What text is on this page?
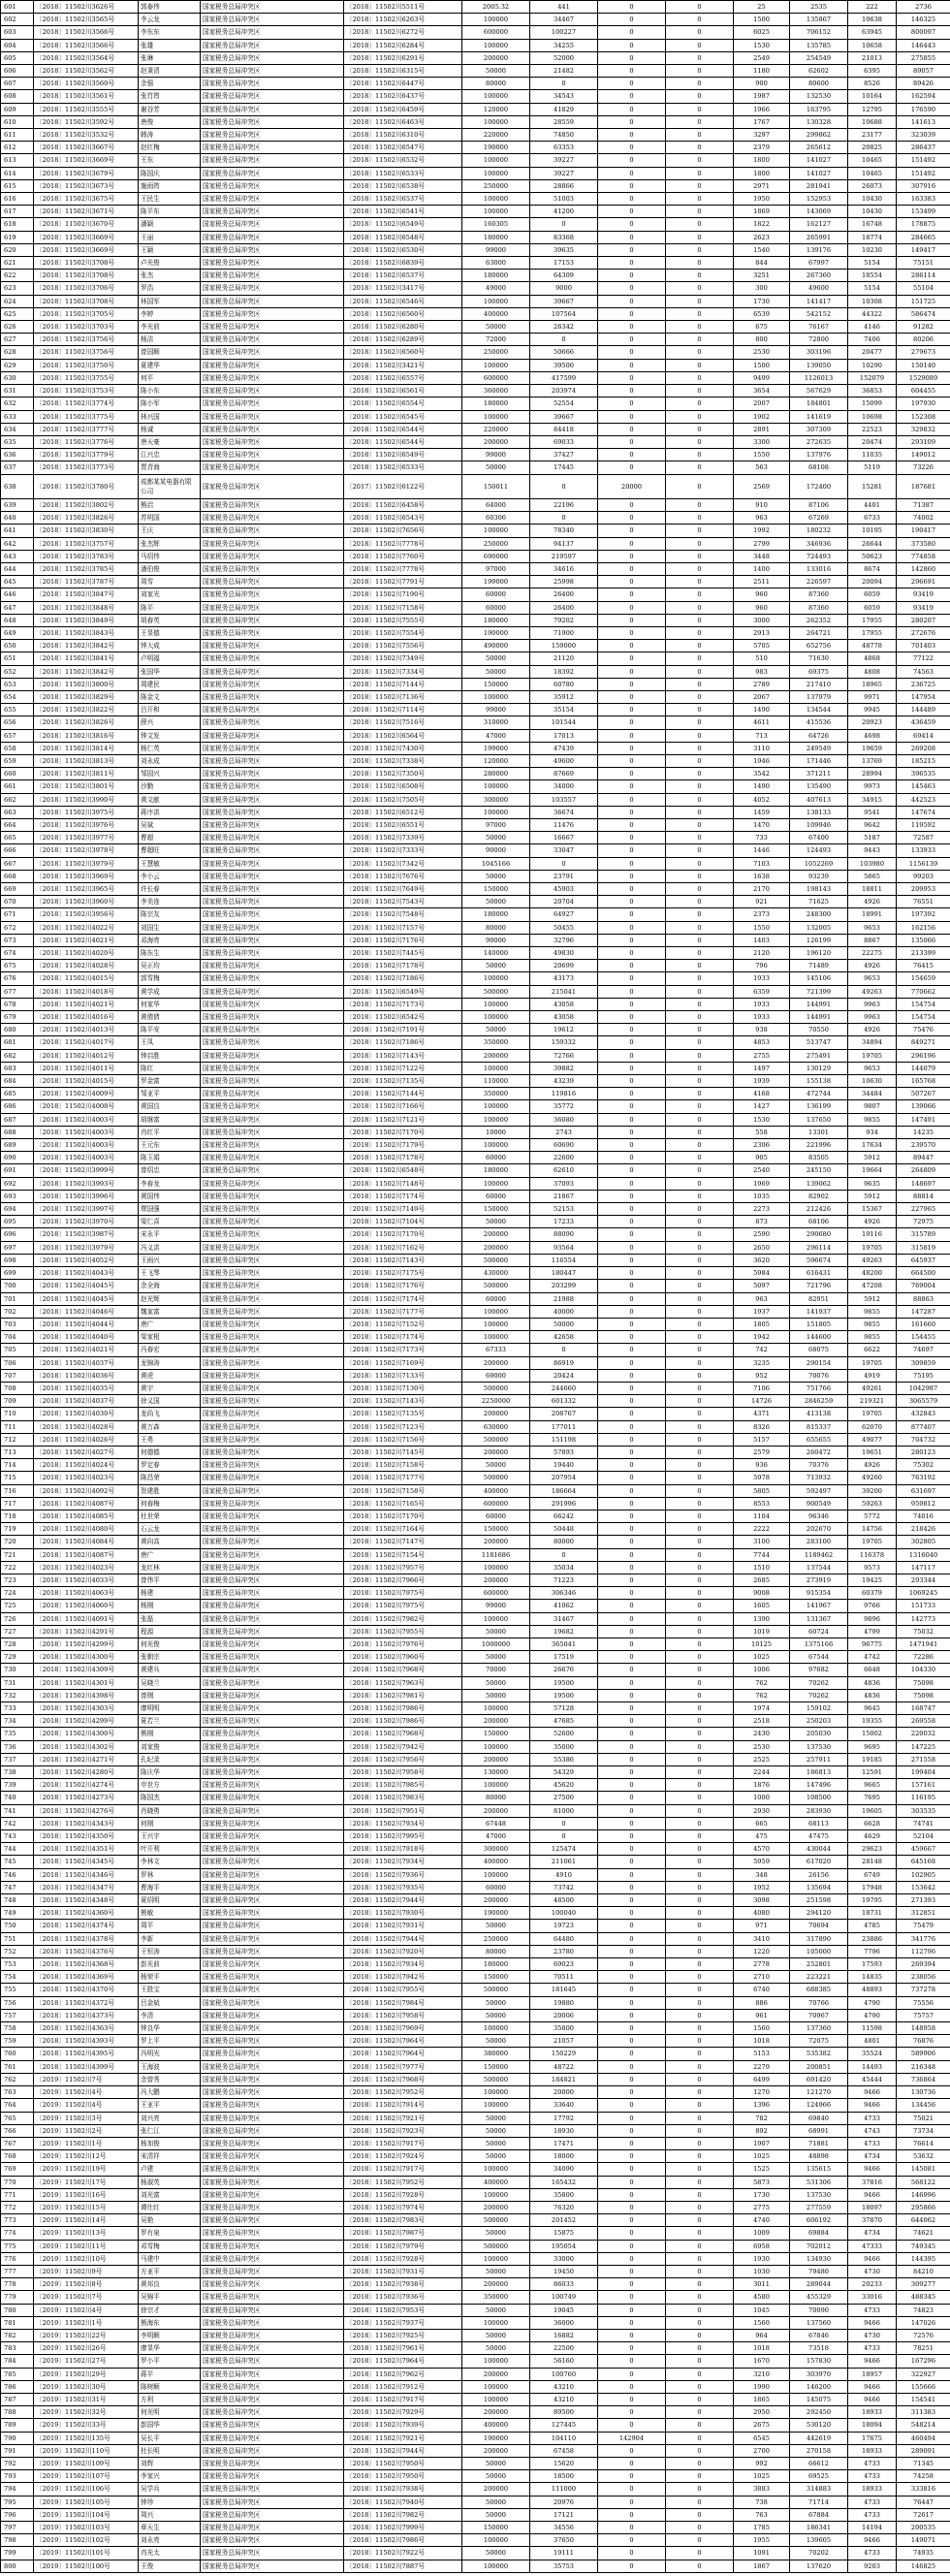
601	〔2018〕11502川3626号	郭泰伟	国家税务总局冲突区	〔2018〕11502川5511号	2005.32	441	0	0	25	2535	222	2736
602	〔2018〕11502川3565号	李云龙	国家税务总局冲突区	〔2018〕11502川6263号	100000	34467	0	0	1500	135867	10638	146325
603	〔2018〕11502川3566号	李东东	国家税务总局冲突区	〔2018〕11502川6272号	600000	100227	0	0	6025	706152	63945	800097
604	〔2018〕11502川3566号	张雄	国家税务总局冲突区	〔2018〕11502川6284号	100000	34255	0	0	1530	135785	10658	146443
605	〔2018〕11502川3564号	张琳	国家税务总局冲突区	〔2018〕11502川6291号	200000	52000	0	0	2549	254549	21013	275855
606	〔2018〕11502川3562号	赵秉清	国家税务总局冲突区	〔2018〕11502川6315号	50000	21482	0	0	1180	62602	6395	89057
607	〔2018〕11502川3560号	余强	国家税务总局冲突区	〔2018〕11502川6447号	80000	0	0	0	900	80600	8526	89426
608	〔2018〕11502川3561号	张竹筠	国家税务总局冲突区	〔2018〕11502川6437号	100000	34543	0	0	1987	132530	10164	162594
609	〔2018〕11502川3555号	谢谷芳	国家税务总局冲突区	〔2018〕11502川6459号	120000	41829	0	0	1966	163795	12795	176590
610	〔2018〕11502川3592号	唐俊	国家税务总局冲突区	〔2018〕11502川6463号	100000	28559	0	0	1767	130328	10688	141613
611	〔2018〕11502川3532号	韩涛	国家税务总局冲突区	〔2018〕11502川6310号	220000	74850	0	0	3297	299862	23177	323039
612	〔2018〕11502川3667号	赵红梅	国家税务总局冲突区	〔2018〕11502川6547号	190000	63353	0	0	2379	265612	20825	286437
613	〔2018〕11502川3669号	王东	国家税务总局冲突区	〔2018〕11502川6532号	100000	39227	0	0	1800	141027	10465	151492
614	〔2018〕11502川3679号	陈国庆	国家税务总局冲突区	〔2018〕11502川6533号	100000	39227	0	0	1800	141027	10465	151492
615	〔2018〕11502川3673号	施雨筠	国家税务总局冲突区	〔2018〕11502川6538号	250000	28866	0	0	2971	281941	26073	307916
616	〔2018〕11502川3675号	王民生	国家税务总局冲突区	〔2018〕11502川6537号	100000	51003	0	0	1950	152953	10430	163383
617	〔2018〕11502川3671号	陈平东	国家税务总局冲突区	〔2018〕11502川6541号	100000	41200	0	0	1869	143069	10430	153499
618	〔2018〕11502川3670号	潘颖	国家税务总局冲突区	〔2018〕11502川6549号	160305	0	0	0	1822	162127	16748	178875
619	〔2018〕11502川3669号	王丽	国家税务总局冲突区	〔2018〕11502川6548号	180000	83368	0	0	2623	265991	18774	284665
620	〔2018〕11502川3669号	王颖	国家税务总局冲突区	〔2018〕11502川6530号	99000	39635	0	0	1540	139176	10230	149417
621	〔2018〕11502川3708号	卢光俊	国家税务总局冲突区	〔2018〕11502川6839号	63000	17153	0	0	844	67997	5154	75151
622	〔2018〕11502川3708号	张杰	国家税务总局冲突区	〔2018〕11502川6537号	180000	64309	0	0	3251	267360	18554	286114
623	〔2018〕11502川3706号	罗浩	国家税务总局冲突区	〔2018〕11502川3417号	49000	9000	0	0	300	49600	5154	55104
624	〔2018〕11502川3708号	林国军	国家税务总局冲突区	〔2018〕11502川6546号	100000	39667	0	0	1730	141417	10308	151725
625	〔2018〕11502川3705号	李婷	国家税务总局冲突区	〔2018〕11502川6560号	400000	107564	0	0	6539	542152	44322	586474
626	〔2018〕11502川3703号	李光前	国家税务总局冲突区	〔2018〕11502川6280号	50000	26342	0	0	675	76167	4146	91282
627	〔2018〕11502川3756号	杨洁	国家税务总局冲突区	〔2018〕11502川6289号	72000	0	0	0	800	72800	7406	80206
628	〔2018〕11502川3756号	曾国顺	国家税务总局冲突区	〔2018〕11502川6560号	250000	50666	0	0	2530	303196	20477	279673
629	〔2018〕11502川3750号	夏建华	国家税务总局冲突区	〔2018〕11502川3421号	100000	39500	0	0	1500	139050	10290	150140
630	〔2018〕11502川3755号	何平	国家税务总局冲突区	〔2018〕11502川6557号	600000	417599	0	0	9499	1126013	152079	1529089
631	〔2018〕11502川3753号	陈小东	国家税务总局冲突区	〔2018〕11502川6561号	360000	203974	0	0	3654	567629	36853	604455
632	〔2018〕11502川3774号	陈小军	国家税务总局冲突区	〔2018〕11502川6554号	180000	52554	0	0	2007	184801	15099	197930
633	〔2018〕11502川3775号	林兴国	国家税务总局冲突区	〔2018〕11502川6545号	100000	39667	0	0	1902	141619	10698	152308
634	〔2018〕11502川3777号	杨诚	国家税务总局冲突区	〔2018〕11502川6544号	220000	84418	0	0	2891	307309	22523	329832
635	〔2018〕11502川3776号	唐天豪	国家税务总局冲突区	〔2018〕11502川6544号	200000	69033	0	0	3300	272635	20474	293109
636	〔2018〕11502川3779号	江兴忠	国家税务总局冲突区	〔2018〕11502川6549号	99000	37427	0	0	1550	137976	11035	149012
637	〔2018〕11502川3773号	贾青海	国家税务总局冲突区	〔2018〕11502川6533号	50000	17445	0	0	563	68108	5119	73226
638	〔2018〕11502川3780号	成都某某电器有限公司	国家税务总局冲突区	〔2017〕11502川6122号	150011	0	20000	0	2569	172400	15281	187681
639	〔2018〕11502川3802号	熊启	国家税务总局冲突区	〔2018〕11502川6458号	64000	22196	0	0	910	87106	4401	71387
640	〔2018〕11502川3826号	苏明国	国家税务总局冲突区	〔2018〕11502川6543号	60306	0	0	0	963	67269	6733	74002
641	〔2018〕11502川3830号	王庆	国家税务总局冲突区	〔2018〕11502川7656号	100000	78340	0	0	1992	180232	10195	190417
642	〔2018〕11502川3757号	张杰辉	国家税务总局冲突区	〔2018〕11502川7778号	250000	94137	0	0	2799	346936	26644	373580
643	〔2018〕11502川3783号	马绍伟	国家税务总局冲突区	〔2018〕11502川7760号	690000	219597	0	0	3448	724493	50623	774858
644	〔2018〕11502川3785号	潘伯俊	国家税务总局冲突区	〔2018〕11502川7778号	97000	34616	0	0	1400	133016	8674	142860
645	〔2018〕11502川3787号	周雪	国家税务总局冲突区	〔2018〕11502川7791号	199000	25998	0	0	2511	226597	20094	296691
646	〔2018〕11502川3847号	刘家光	国家税务总局冲突区	〔2018〕11502川7190号	60000	26400	0	0	960	87360	6059	93419
647	〔2018〕11502川3848号	陈平	国家税务总局冲突区	〔2018〕11502川7158号	60000	26400	0	0	960	87360	6059	93419
648	〔2018〕11502川3849号	胡春英	国家税务总局冲突区	〔2018〕11502川7555号	180000	79202	0	0	3000	262352	17955	280207
649	〔2018〕11502川3843号	王显德	国家税务总局冲突区	〔2018〕11502川7554号	190000	71900	0	0	2913	264721	17955	272676
650	〔2018〕11502川3842号	钟大成	国家税务总局冲突区	〔2018〕11502川7556号	490000	159000	0	0	5705	652756	48778	701403
651	〔2018〕11502川3841号	卢明福	国家税务总局冲突区	〔2018〕11502川7349号	50000	21120	0	0	510	71630	4868	77122
652	〔2018〕11502川3842号	张国华	国家税务总局冲突区	〔2018〕11502川7334号	50000	18392	0	0	983	69375	4808	74563
653	〔2018〕11502川3800号	周建民	国家税务总局冲突区	〔2018〕11502川7144号	150000	60780	0	0	2789	217410	18965	236725
654	〔2018〕11502川3829号	陈金文	国家税务总局冲突区	〔2018〕11502川7136号	100000	35912	0	0	2067	137979	9971	147954
655	〔2018〕11502川3822号	吕开和	国家税务总局冲突区	〔2018〕11502川7114号	99000	35154	0	0	1490	134544	9945	144489
656	〔2018〕11502川3826号	薛兴	国家税务总局冲突区	〔2018〕11502川7516号	310000	101544	0	0	4611	415536	20923	436459
657	〔2018〕11502川3816号	钟文发	国家税务总局冲突区	〔2018〕11502川6564号	47000	17013	0	0	713	64726	4698	69414
658	〔2018〕11502川3814号	杨仁英	国家税务总局冲突区	〔2018〕11502川7430号	199000	47439	0	0	3110	249549	19659	269208
659	〔2018〕11502川3813号	刘永成	国家税务总局冲突区	〔2018〕11502川7338号	120000	49600	0	0	1946	171446	13769	185215
660	〔2018〕11502川3811号	邹国兴	国家税务总局冲突区	〔2018〕11502川7350号	280000	87669	0	0	3542	371211	28994	396535
661	〔2018〕11502川3801号	沙勤	国家税务总局冲突区	〔2018〕11502川6508号	100000	34000	0	0	1490	135490	9973	145463
662	〔2018〕11502川3990号	黄文献	国家税务总局冲突区	〔2018〕11502川7505号	300000	103557	0	0	4052	407613	34915	442523
663	〔2018〕11502川3975号	蒋序洪	国家税务总局冲突区	〔2018〕11502川6512号	100000	36674	0	0	1459	138133	9541	147674
664	〔2018〕11502川3976号	吴斌	国家税务总局冲突区	〔2018〕11502川6551号	97000	11476	0	0	1470	109946	9642	119592
665	〔2018〕11502川3977号	曹超	国家税务总局冲突区	〔2018〕11502川7339号	50000	16667	0	0	733	67400	5187	72587
666	〔2018〕11502川3978号	曹超旺	国家税务总局冲突区	〔2018〕11502川7333号	90000	33047	0	0	1446	124493	9443	133933
667	〔2018〕11502川3979号	王慧敏	国家税务总局冲突区	〔2018〕11502川7342号	1045166	0	0	0	7103	1052269	103980	1156139
668	〔2018〕11502川3969号	李小云	国家税务总局冲突区	〔2018〕11502川7676号	50000	23791	0	0	1638	93239	5865	99203
669	〔2018〕11502川3965号	许长春	国家税务总局冲突区	〔2018〕11502川7649号	150000	45903	0	0	2170	198143	18811	209953
670	〔2018〕11502川3960号	李美连	国家税务总局冲突区	〔2018〕11502川7543号	50000	20704	0	0	921	71625	4926	76551
671	〔2018〕11502川3956号	陈宗友	国家税务总局冲突区	〔2018〕11502川7548号	180000	64927	0	0	2373	248300	18991	197392
672	〔2018〕11502川4022号	刘国生	国家税务总局冲突区	〔2018〕11502川7157号	80000	50455	0	0	1550	132005	9653	162156
673	〔2018〕11502川4021号	邓海亮	国家税务总局冲突区	〔2018〕11502川7176号	90000	32796	0	0	1403	126199	8867	135066
674	〔2018〕11502川4020号	陈东生	国家税务总局冲突区	〔2018〕11502川7445号	140000	49830	0	0	2120	196120	22275	213399
675	〔2018〕11502川4028号	吴正均	国家税务总局冲突区	〔2018〕11502川7178号	50000	20699	0	0	796	71489	4926	76415
676	〔2018〕11502川4015号	郭雪梅	国家税务总局冲突区	〔2018〕11502川7186号	100000	43173	0	0	1933	145106	9653	154659
677	〔2018〕11502川4018号	黄学成	国家税务总局冲突区	〔2018〕11502川6549号	500000	215041	0	0	6359	721399	49263	770662
678	〔2018〕11502川4021号	何家华	国家税务总局冲突区	〔2018〕11502川7173号	100000	43058	0	0	1933	144991	9963	154754
679	〔2018〕11502川4016号	黄倩倩	国家税务总局冲突区	〔2018〕11502川6542号	100000	43058	0	0	1933	144991	9963	154754
680	〔2018〕11502川4013号	陈平安	国家税务总局冲突区	〔2018〕11502川7191号	50000	19612	0	0	938	70550	4926	75476
681	〔2018〕11502川4017号	王凤	国家税务总局冲突区	〔2018〕11502川7186号	350000	159332	0	0	4853	513747	34894	849271
682	〔2018〕11502川4012号	钟启胜	国家税务总局冲突区	〔2018〕11502川7143号	200000	72766	0	0	2755	275491	19705	296196
683	〔2018〕11502川4011号	陈红	国家税务总局冲突区	〔2018〕11502川7122号	100000	39882	0	0	1497	130129	9653	144079
684	〔2018〕11502川4015号	罗金富	国家税务总局冲突区	〔2018〕11502川7135号	110000	43239	0	0	1939	155138	10630	165768
685	〔2018〕11502川4009号	邹亚平	国家税务总局冲突区	〔2018〕11502川7144号	350000	119816	0	0	4168	472744	34484	507267
686	〔2018〕11502川4008号	黄国良	国家税务总局冲突区	〔2018〕11502川7166号	100000	35772	0	0	1427	136199	9807	139066
687	〔2018〕11502川4003号	胡继富	国家税务总局冲突区	〔2018〕11502川7121号	100000	36080	0	0	1530	137650	9855	147491
688	〔2018〕11502川4003号	冉红平	国家税务总局冲突区	〔2018〕11502川7170号	10000	2743	0	0	558	13301	934	14235
689	〔2018〕11502川4003号	王元东	国家税务总局冲突区	〔2018〕11502川7179号	100000	60690	0	0	2306	221996	17634	239570
690	〔2018〕11502川4003号	陈玉娟	国家税务总局冲突区	〔2018〕11502川7178号	60000	22600	0	0	905	83505	5912	89447
691	〔2018〕11502川3999号	曾绍忠	国家税务总局冲突区	〔2018〕11502川6548号	180000	62610	0	0	2540	245150	19664	264809
692	〔2018〕11502川3993号	李春龙	国家税务总局冲突区	〔2018〕11502川7148号	100000	37093	0	0	1969	139062	9635	148697
693	〔2018〕11502川3996号	黄国伟	国家税务总局冲突区	〔2018〕11502川7174号	60000	21867	0	0	1035	82902	5912	88814
694	〔2018〕11502川3997号	覃国强	国家税务总局冲突区	〔2018〕11502川7149号	150000	52153	0	0	2273	212426	15367	227965
695	〔2018〕11502川3970号	梁仁喜	国家税务总局冲突区	〔2018〕11502川7104号	50000	17233	0	0	873	68106	4926	72975
696	〔2018〕11502川3987号	宋永平	国家税务总局冲突区	〔2018〕11502川7170号	200000	88090	0	0	2590	290680	19116	315789
697	〔2018〕11502川3979号	冯义洪	国家税务总局冲突区	〔2018〕11502川7162号	200000	93564	0	0	2650	296114	19705	315819
698	〔2018〕11502川4052号	王雨兴	国家税务总局冲突区	〔2018〕11502川7143号	500000	116554	0	0	3620	596674	49263	645937
699	〔2018〕11502川4043号	王飞琴	国家税务总局冲突区	〔2018〕11502川7175号	430000	180447	0	0	5984	616431	48200	664500
700	〔2018〕11502川4045号	余全海	国家税务总局冲突区	〔2018〕11502川7176号	500000	203299	0	0	5097	721796	47208	769004
701	〔2018〕11502川4045号	赵光辉	国家税务总局冲突区	〔2018〕11502川7174号	60000	21988	0	0	963	82951	5912	88863
702	〔2018〕11502川4046号	魏家富	国家税务总局冲突区	〔2018〕11502川7177号	100000	40000	0	0	1937	141937	9855	147287
703	〔2018〕11502川4044号	唐广	国家税务总局冲突区	〔2018〕11502川7152号	100000	50000	0	0	1805	151805	9855	161660
704	〔2018〕11502川4040号	梁家根	国家税务总局冲突区	〔2018〕11502川7174号	100000	42658	0	0	1942	144600	9855	154455
705	〔2018〕11502川4021号	冯春宏	国家税务总局冲突区	〔2018〕11502川7173号	67333	0	0	0	742	68075	6622	74697
706	〔2018〕11502川4037号	龙锦涛	国家税务总局冲突区	〔2018〕11502川7169号	200000	86919	0	0	3235	290154	19705	309859
707	〔2018〕11502川4036号	黄虎	国家税务总局冲突区	〔2018〕11502川7133号	69000	20424	0	0	952	70076	4919	75195
708	〔2018〕11502川4035号	黄宇	国家税务总局冲突区	〔2018〕11502川7130号	500000	244660	0	0	7106	751766	49261	1042987
709	〔2018〕11502川4037号	徐义国	国家税务总局冲突区	〔2018〕11502川7143号	2250000	601332	0	0	14726	2846259	219321	3065579
710	〔2018〕11502川4030号	龙尚飞	国家税务总局冲突区	〔2018〕11502川7135号	200000	208767	0	0	4371	413138	19705	432843
711	〔2018〕11502川4028号	黄万森	国家税务总局冲突区	〔2018〕11502川7123号	630000	177011	0	0	8326	815337	62070	877407
712	〔2018〕11502川4026号	王勇	国家税务总局冲突区	〔2018〕11502川7156号	500000	151198	0	0	5157	655655	49077	704732
713	〔2018〕11502川4027号	何德德	国家税务总局冲突区	〔2018〕11502川7145号	200000	57893	0	0	2579	260472	19651	280123
714	〔2018〕11502川4024号	罗定春	国家税务总局冲突区	〔2018〕11502川7158号	50000	19440	0	0	936	70376	4926	75302
715	〔2018〕11502川4023号	陈昌荣	国家税务总局冲突区	〔2018〕11502川7177号	500000	207954	0	0	5978	713932	49260	763192
716	〔2018〕11502川4092号	贺建胜	国家税务总局冲突区	〔2018〕11502川7158号	400000	186664	0	0	5805	592497	39200	631697
717	〔2018〕11502川4087号	何春梅	国家税务总局冲突区	〔2018〕11502川7165号	600000	291996	0	0	8553	900549	59263	959812
718	〔2018〕11502川4085号	杜世荣	国家税务总局冲突区	〔2018〕11502川7170号	60000	66242	0	0	1104	96346	5772	74016
719	〔2018〕11502川4080号	石云龙	国家税务总局冲突区	〔2018〕11502川7164号	150000	50448	0	0	2222	202670	14756	218426
720	〔2018〕11502川4084号	黄向高	国家税务总局冲突区	〔2018〕11502川7147号	200000	80000	0	0	3100	283100	19705	302805
721	〔2018〕11502川4087号	唐广	国家税务总局冲突区	〔2018〕11502川7154号	1181686	0	0	0	7744	1189462	116378	1316040
722	〔2018〕11502川4023号	龙红林	国家税务总局冲突区	〔2018〕11502川7957号	100000	35034	0	0	1510	137544	9573	147117
723	〔2018〕11502川4033号	曾伟平	国家税务总局冲突区	〔2018〕11502川7966号	200000	71223	0	0	2685	273919	19425	293344
724	〔2018〕11502川4063号	杨建	国家税务总局冲突区	〔2018〕11502川7975号	600000	306346	0	0	9008	915354	60379	1069245
725	〔2018〕11502川4060号	杨刚	国家税务总局冲突区	〔2018〕11502川7975号	99000	41062	0	0	1605	141967	9766	151733
726	〔2018〕11502川4091号	张磊	国家税务总局冲突区	〔2018〕11502川7982号	100000	31467	0	0	1390	131367	9896	142773
727	〔2018〕11502川4291号	程源	国家税务总局冲突区	〔2018〕11502川7955号	50000	19682	0	0	1019	60724	4799	75032
728	〔2018〕11502川4299号	何光俊	国家税务总局冲突区	〔2018〕11502川7976号	1000000	365041	0	0	10125	1375166	96775	1471941
729	〔2018〕11502川4300号	张朝宗	国家税务总局冲突区	〔2018〕11502川7960号	50000	17519	0	0	1025	67544	4742	72286
730	〔2018〕11502川4309号	黄建兵	国家税务总局冲突区	〔2018〕11502川7968号	70000	26676	0	0	1006	97682	6648	104330
731	〔2018〕11502川4301号	吴晓兰	国家税务总局冲突区	〔2018〕11502川7963号	50000	19500	0	0	762	70262	4836	75098
732	〔2018〕11502川4398号	曾刚	国家税务总局冲突区	〔2018〕11502川7981号	50000	19500	0	0	762	70262	4836	75098
733	〔2018〕11502川4303号	廖明明	国家税务总局冲突区	〔2018〕11502川7986号	100000	57128	0	0	1974	159102	9645	168747
734	〔2018〕11502川4299号	夏若兰	国家税务总局冲突区	〔2018〕11502川7986号	200000	47685	0	0	2518	250203	19355	269558
735	〔2018〕11502川4300号	熊刚	国家税务总局冲突区	〔2018〕11502川7968号	150000	52600	0	0	2430	205030	15002	220032
736	〔2018〕11502川4302号	刘家俊	国家税务总局冲突区	〔2018〕11502川7942号	100000	35000	0	0	2530	137530	9695	147225
737	〔2018〕11502川4271号	孔纪录	国家税务总局冲突区	〔2018〕11502川7956号	200000	55386	0	0	2525	257911	19185	271558
738	〔2018〕11502川4280号	陈庆华	国家税务总局冲突区	〔2018〕11502川7958号	130000	54329	0	0	2244	186813	12591	199404
739	〔2018〕11502川4274号	申世方	国家税务总局冲突区	〔2018〕11502川7985号	100000	45620	0	0	1876	147496	9665	157161
740	〔2018〕11502川4273号	陈国杰	国家税务总局冲突区	〔2018〕11502川7983号	80000	27500	0	0	1000	108500	7695	116195
741	〔2018〕11502川4276号	肖晓勇	国家税务总局冲突区	〔2018〕11502川7951号	200000	81000	0	0	2930	283930	19605	303535
742	〔2018〕11502川4343号	何刚	国家税务总局冲突区	〔2018〕11502川7934号	67448	0	0	0	665	68113	6628	74741
743	〔2018〕11502川4350号	王兴宇	国家税务总局冲突区	〔2018〕11502川7995号	47000	0	0	0	475	47475	4629	52104
744	〔2018〕11502川4351号	叶开利	国家税务总局冲突区	〔2018〕11502川7918号	300000	125474	0	0	4570	430044	29623	459667
745	〔2018〕11502川4345号	李林文	国家税务总局冲突区	〔2018〕11502川7934号	400000	211061	0	0	5959	617020	28148	645168
746	〔2018〕11502川4346号	罗林	国家税务总局冲突区	〔2018〕11502川7936号	100000	4910	0	0	348	26156	6749	102905
747	〔2018〕11502川4347号	曹海平	国家税务总局冲突区	〔2018〕11502川7935号	60000	73742	0	0	1952	135694	17948	153642
748	〔2018〕11502川4348号	夏绍明	国家税务总局冲突区	〔2018〕11502川7944号	200000	48500	0	0	3098	251598	19795	271393
749	〔2018〕11502川4360号	熊敏	国家税务总局冲突区	〔2018〕11502川7930号	190000	100040	0	0	4080	294120	18731	312851
750	〔2018〕11502川4374号	周平	国家税务总局冲突区	〔2018〕11502川7931号	50000	19723	0	0	971	70694	4785	75479
751	〔2018〕11502川4378号	李新	国家税务总局冲突区	〔2018〕11502川7944号	250000	64480	0	0	3410	317890	23886	341776
752	〔2018〕11502川4376号	王恒涛	国家税务总局冲突区	〔2018〕11502川7920号	80000	23780	0	0	1220	105000	7796	112796
753	〔2018〕11502川4368号	彭光前	国家税务总局冲突区	〔2018〕11502川7934号	180000	69023	0	0	2778	252801	17593	269394
754	〔2018〕11502川4369号	杨荣平	国家税务总局冲突区	〔2018〕11502川7942号	150000	70511	0	0	2710	223221	14835	238056
755	〔2018〕11502川4370号	王胜宝	国家税务总局冲突区	〔2018〕11502川7955号	500000	181645	0	0	6740	688385	48893	737278
756	〔2018〕11502川4372号	吕金斌	国家税务总局冲突区	〔2018〕11502川7984号	50000	19880	0	0	886	70766	4790	75556
757	〔2018〕11502川4373号	李清	国家税务总局冲突区	〔2018〕11502川7958号	50000	20006	0	0	961	70967	4790	75757
758	〔2018〕11502川4363号	钟良华	国家税务总局冲突区	〔2018〕11502川7969号	100000	35800	0	0	1560	137360	11598	148958
759	〔2018〕11502川4393号	罗上平	国家税务总局冲突区	〔2018〕11502川7964号	50000	21057	0	0	1018	72075	4801	76876
760	〔2018〕11502川4395号	冯明光	国家税务总局冲突区	〔2018〕11502川7964号	380000	150229	0	0	5153	535382	35524	589906
761	〔2018〕11502川4399号	王海波	国家税务总局冲突区	〔2018〕11502川7977号	150000	48722	0	0	2279	200851	14493	216348
762	〔2019〕11502川7号	余曾秀	国家税务总局冲突区	〔2018〕11502川7968号	500000	184821	0	0	6499	691420	45444	736864
763	〔2019〕11502川4号	冯大鹏	国家税务总局冲突区	〔2018〕11502川7952号	100000	20000	0	0	1270	121270	9466	130736
764	〔2019〕11502川4号	王亚平	国家税务总局冲突区	〔2018〕11502川7914号	100000	33640	0	0	1396	124966	9466	134456
765	〔2019〕11502川3号	刘兴亮	国家税务总局冲突区	〔2018〕11502川7921号	50000	17792	0	0	782	69840	4733	75021
766	〔2019〕11502川2号	张仁江	国家税务总局冲突区	〔2018〕11502川7923号	50000	18930	0	0	892	68991	4743	73734
767	〔2019〕11502川1号	杨加俊	国家税务总局冲突区	〔2018〕11502川7917号	50000	17471	0	0	1907	71881	4733	76614
768	〔2019〕11502川12号	宋清祥	国家税务总局冲突区	〔2018〕11502川7924号	50000	18000	0	0	1025	48898	4734	53632
769	〔2019〕11502川19号	卢建	国家税务总局冲突区	〔2018〕11502川7917号	100000	34090	0	0	1525	135615	9466	145081
770	〔2019〕11502川17号	杨淑英	国家税务总局冲突区	〔2018〕11502川7952号	400000	165432	0	0	5873	531306	37816	568122
771	〔2019〕11502川16号	刘光富	国家税务总局冲突区	〔2018〕11502川7928号	100000	35800	0	0	1730	137530	9466	146996
772	〔2019〕11502川15号	谭仕红	国家税务总局冲突区	〔2018〕11502川7974号	200000	76320	0	0	2775	277559	18097	295866
773	〔2019〕11502川14号	吴艳	国家税务总局冲突区	〔2018〕11502川7983号	500000	201452	0	0	4740	606192	37870	644062
774	〔2019〕11502川13号	罗有泉	国家税务总局冲突区	〔2018〕11502川7987号	50000	15875	0	0	1009	69884	4734	74621
775	〔2019〕11502川11号	邓雪梅	国家税务总局冲突区	〔2018〕11502川7979号	500000	195054	0	0	6958	702012	47333	749345
776	〔2019〕11502川10号	马建中	国家税务总局冲突区	〔2018〕11502川7928号	100000	33000	0	0	1930	134930	9466	144395
777	〔2019〕11502川9号	方亚平	国家税务总局冲突区	〔2018〕11502川7931号	50000	19450	0	0	1030	79480	4730	84210
778	〔2019〕11502川8号	黄邦良	国家税务总局冲突区	〔2018〕11502川7938号	200000	86033	0	0	3011	289044	20233	309277
779	〔2019〕11502川7号	吴锦平	国家税务总局冲突区	〔2018〕11502川7936号	350000	100749	0	0	4580	455329	33016	488345
780	〔2019〕11502川4号	徐宗才	国家税务总局冲突区	〔2018〕11502川7953号	50000	19045	0	0	1045	70090	4733	74823
781	〔2019〕11502川1号	熊海东	国家税务总局冲突区	〔2018〕11502川7937号	100000	36000	0	0	1560	137560	9466	147026
782	〔2019〕11502川22号	李明顺	国家税务总局冲突区	〔2018〕11502川7925号	50000	16882	0	0	964	67846	4730	72576
783	〔2019〕11502川26号	廖显华	国家税务总局冲突区	〔2018〕11502川7961号	50000	22500	0	0	1018	73518	4733	78251
784	〔2019〕11502川27号	罗小平	国家税务总局冲突区	〔2018〕11502川7964号	100000	56160	0	0	1670	157830	9466	167296
785	〔2019〕11502川29号	蒋平	国家税务总局冲突区	〔2018〕11502川7962号	200000	100760	0	0	3210	303970	18957	322927
786	〔2019〕11502川30号	陈树顺	国家税务总局冲突区	〔2018〕11502川7912号	100000	43210	0	0	1990	146200	9466	155666
787	〔2019〕11502川31号	方利	国家税务总局冲突区	〔2018〕11502川7917号	100000	43210	0	0	1865	145075	9466	154541
788	〔2019〕11502川32号	何光明	国家税务总局冲突区	〔2018〕11502川7929号	200000	89500	0	0	2950	292450	18933	311383
789	〔2019〕11502川33号	彭国华	国家税务总局冲突区	〔2018〕11502川7939号	400000	127445	0	0	2675	530120	18094	548214
790	〔2019〕11502川135号	吴长平	国家税务总局冲突区	〔2018〕11502川7921号	190000	104110	142904	0	6545	442619	17675	460494
791	〔2019〕11502川110号	杜长明	国家税务总局冲突区	〔2018〕11502川7944号	200000	67458	0	0	2700	270158	18933	289091
792	〔2019〕11502川109号	刘辉	国家税务总局冲突区	〔2018〕11502川7950号	50000	15620	0	0	992	66612	4733	71345
793	〔2019〕11502川107号	李家兴	国家税务总局冲突区	〔2018〕11502川7950号	50000	18500	0	0	1025	69525	4733	74258
794	〔2019〕11502川106号	吴学兵	国家税务总局冲突区	〔2018〕11502川7938号	200000	111000	0	0	3883	314883	18933	333816
795	〔2019〕11502川105号	钟珍	国家税务总局冲突区	〔2018〕11502川7940号	50000	20976	0	0	738	71714	4733	76447
796	〔2019〕11502川104号	周兴	国家税务总局冲突区	〔2018〕11502川7982号	50000	17121	0	0	763	67884	4733	72617
797	〔2019〕11502川103号	章天生	国家税务总局冲突区	〔2018〕11502川7999号	150000	34556	0	0	1785	186341	14194	200535
798	〔2019〕11502川102号	刘永亮	国家税务总局冲突区	〔2018〕11502川7986号	100000	37650	0	0	1955	139605	9466	149071
799	〔2019〕11502川101号	冉光太	国家税务总局冲突区	〔2018〕11502川7922号	50000	19111	0	0	1091	70202	4733	74935
800	〔2019〕11502川100号	王俊	国家税务总局冲突区	〔2018〕11502川7887号	100000	35753	0	0	1867	137620	9203	146825
